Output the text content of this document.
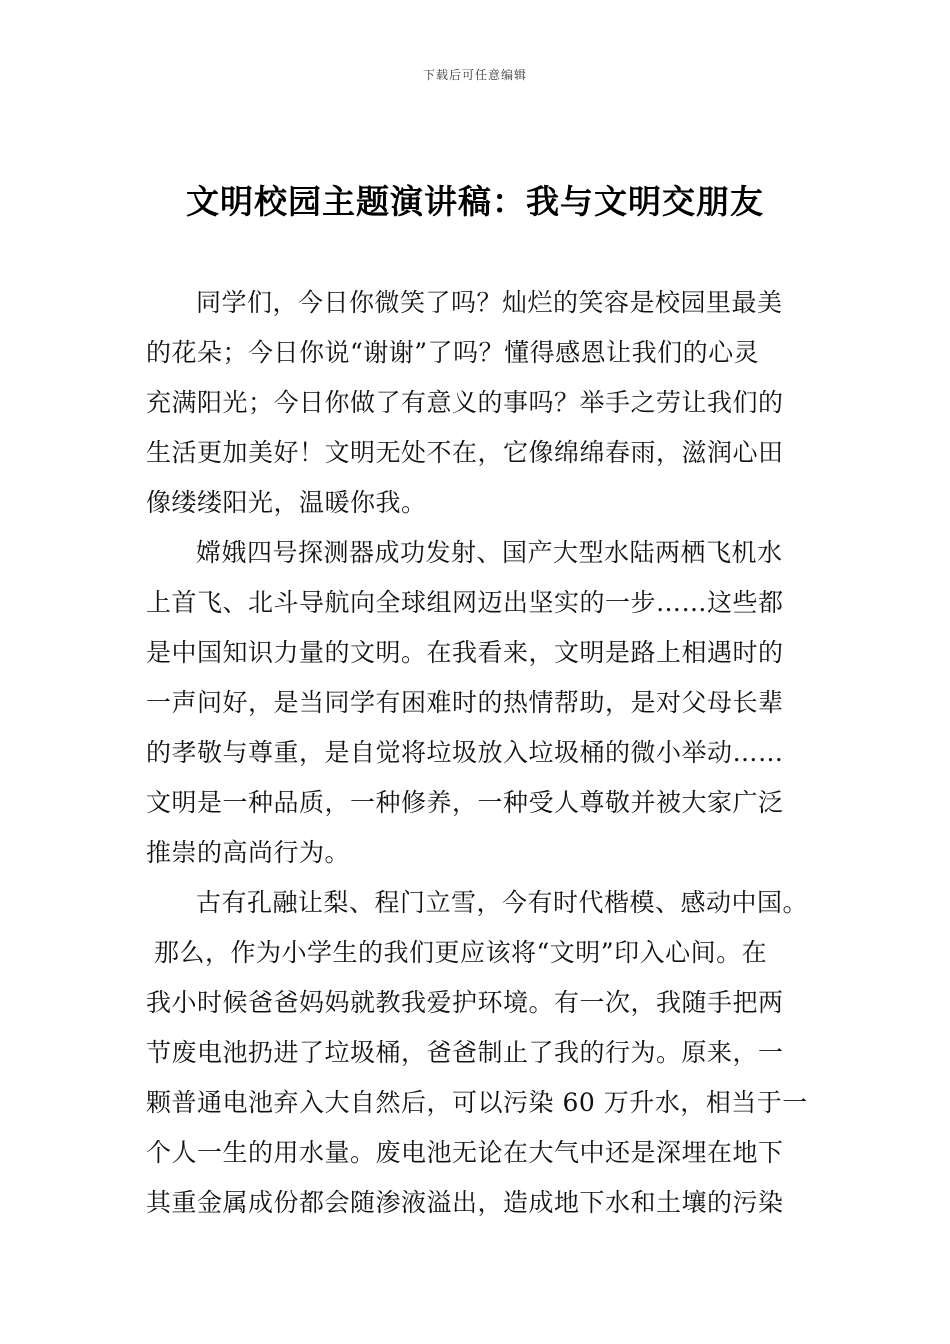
下载后可任意编辑
文明校园主题演讲稿：我与文明交朋友
同学们，今日你微笑了吗？灿烂的笑容是校园里最美
的花朵；今日你说“谢谢”了吗？懂得感恩让我们的心灵
充满阳光；今日你做了有意义的事吗？举手之劳让我们的
生活更加美好！文明无处不在，它像绵绵春雨，滋润心田
像缕缕阳光，温暖你我。
嫦娥四号探测器成功发射、国产大型水陆两栖飞机水
上首飞、北斗导航向全球组网迈出坚实的一步……这些都
是中国知识力量的文明。在我看来，文明是路上相遇时的
一声问好，是当同学有困难时的热情帮助，是对父母长辈
的孝敬与尊重，是自觉将垃圾放入垃圾桶的微小举动……
文明是一种品质，一种修养，一种受人尊敬并被大家广泛
推崇的高尚行为。
古有孔融让梨、程门立雪，今有时代楷模、感动中国。
那么，作为小学生的我们更应该将“文明”印入心间。在
我小时候爸爸妈妈就教我爱护环境。有一次，我随手把两
节废电池扔进了垃圾桶，爸爸制止了我的行为。原来，一
颗普通电池弃入大自然后，可以污染 60 万升水，相当于一
个人一生的用水量。废电池无论在大气中还是深埋在地下
其重金属成份都会随渗液溢出，造成地下水和土壤的污染
